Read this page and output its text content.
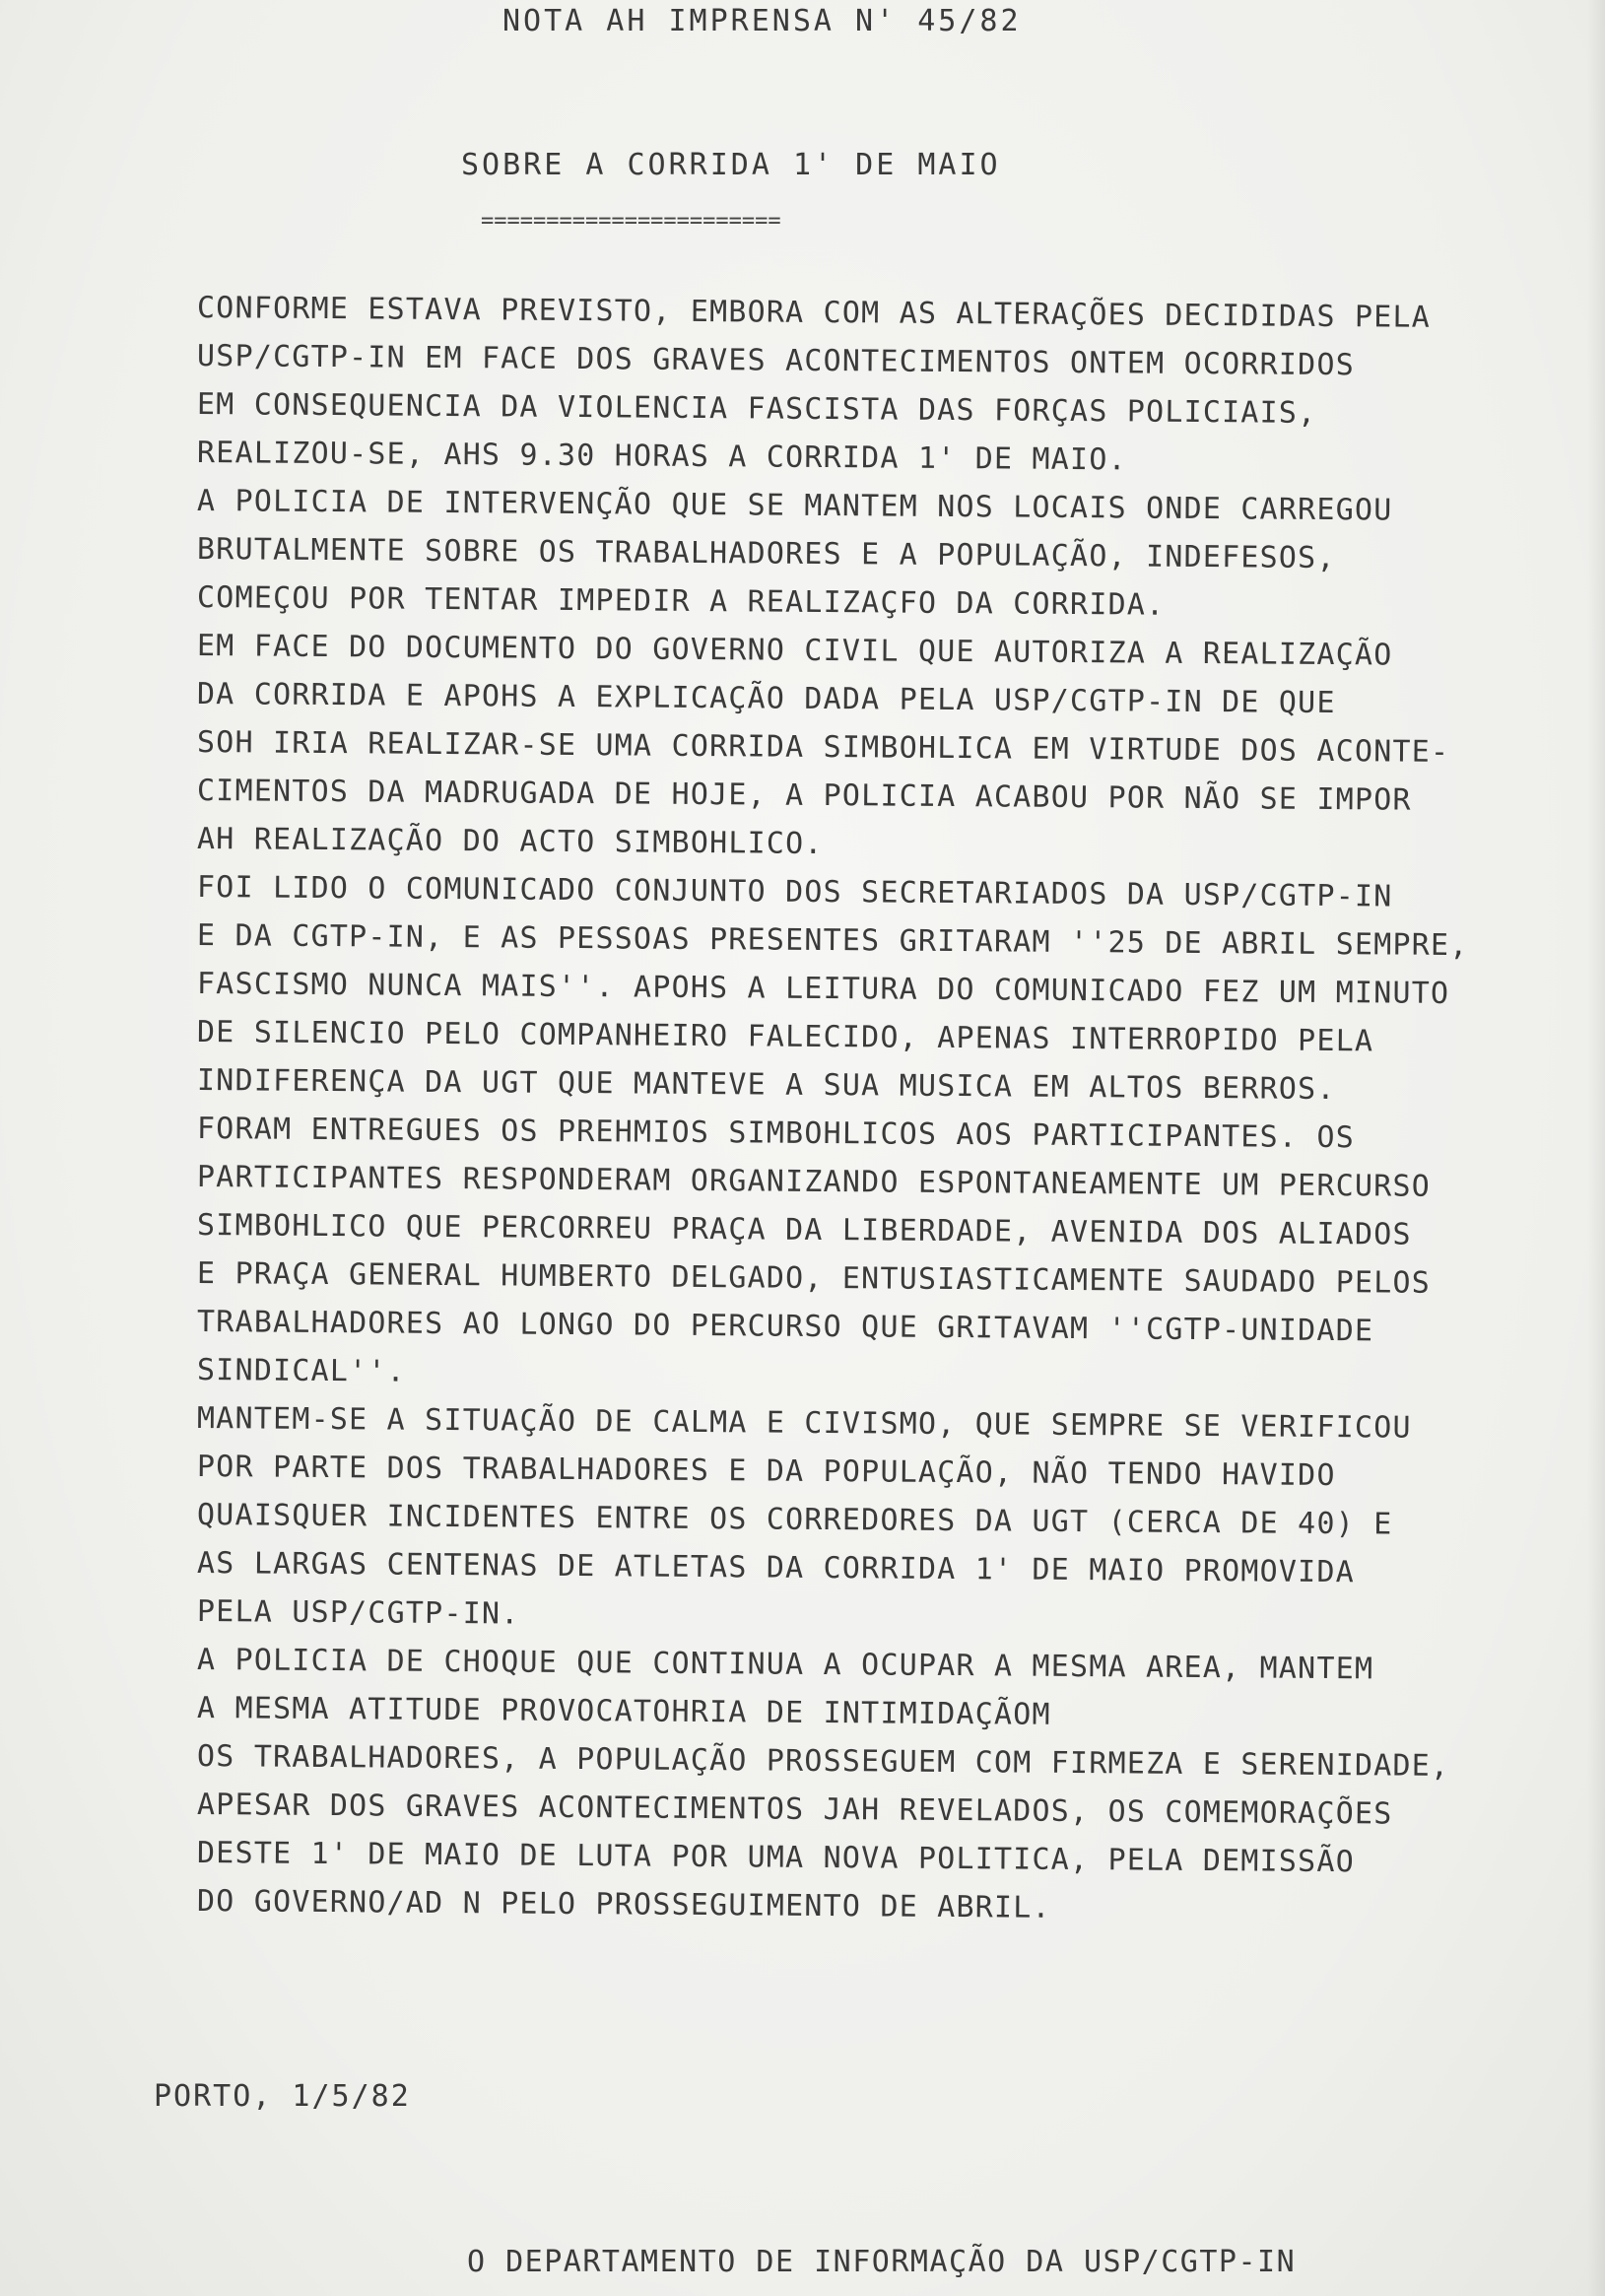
NOTA AH IMPRENSA N' 45/82
SOBRE A CORRIDA 1' DE MAIO
=======================
CONFORME ESTAVA PREVISTO, EMBORA COM AS ALTERAÇÕES DECIDIDAS PELA
USP/CGTP-IN EM FACE DOS GRAVES ACONTECIMENTOS ONTEM OCORRIDOS
EM CONSEQUENCIA DA VIOLENCIA FASCISTA DAS FORÇAS POLICIAIS,
REALIZOU-SE, AHS 9.30 HORAS A CORRIDA 1' DE MAIO.
A POLICIA DE INTERVENÇÃO QUE SE MANTEM NOS LOCAIS ONDE CARREGOU
BRUTALMENTE SOBRE OS TRABALHADORES E A POPULAÇÃO, INDEFESOS,
COMEÇOU POR TENTAR IMPEDIR A REALIZAÇFO DA CORRIDA.
EM FACE DO DOCUMENTO DO GOVERNO CIVIL QUE AUTORIZA A REALIZAÇÃO
DA CORRIDA E APOHS A EXPLICAÇÃO DADA PELA USP/CGTP-IN DE QUE
SOH IRIA REALIZAR-SE UMA CORRIDA SIMBOHLICA EM VIRTUDE DOS ACONTE-
CIMENTOS DA MADRUGADA DE HOJE, A POLICIA ACABOU POR NÃO SE IMPOR
AH REALIZAÇÃO DO ACTO SIMBOHLICO.
FOI LIDO O COMUNICADO CONJUNTO DOS SECRETARIADOS DA USP/CGTP-IN
E DA CGTP-IN, E AS PESSOAS PRESENTES GRITARAM ''25 DE ABRIL SEMPRE,
FASCISMO NUNCA MAIS''. APOHS A LEITURA DO COMUNICADO FEZ UM MINUTO
DE SILENCIO PELO COMPANHEIRO FALECIDO, APENAS INTERROPIDO PELA
INDIFERENÇA DA UGT QUE MANTEVE A SUA MUSICA EM ALTOS BERROS.
FORAM ENTREGUES OS PREHMIOS SIMBOHLICOS AOS PARTICIPANTES. OS
PARTICIPANTES RESPONDERAM ORGANIZANDO ESPONTANEAMENTE UM PERCURSO
SIMBOHLICO QUE PERCORREU PRAÇA DA LIBERDADE, AVENIDA DOS ALIADOS
E PRAÇA GENERAL HUMBERTO DELGADO, ENTUSIASTICAMENTE SAUDADO PELOS
TRABALHADORES AO LONGO DO PERCURSO QUE GRITAVAM ''CGTP-UNIDADE
SINDICAL''.
MANTEM-SE A SITUAÇÃO DE CALMA E CIVISMO, QUE SEMPRE SE VERIFICOU
POR PARTE DOS TRABALHADORES E DA POPULAÇÃO, NÃO TENDO HAVIDO
QUAISQUER INCIDENTES ENTRE OS CORREDORES DA UGT (CERCA DE 40) E
AS LARGAS CENTENAS DE ATLETAS DA CORRIDA 1' DE MAIO PROMOVIDA
PELA USP/CGTP-IN.
A POLICIA DE CHOQUE QUE CONTINUA A OCUPAR A MESMA AREA, MANTEM
A MESMA ATITUDE PROVOCATOHRIA DE INTIMIDAÇÃOM
OS TRABALHADORES, A POPULAÇÃO PROSSEGUEM COM FIRMEZA E SERENIDADE,
APESAR DOS GRAVES ACONTECIMENTOS JAH REVELADOS, OS COMEMORAÇÕES
DESTE 1' DE MAIO DE LUTA POR UMA NOVA POLITICA, PELA DEMISSÃO
DO GOVERNO/AD N PELO PROSSEGUIMENTO DE ABRIL.
PORTO, 1/5/82
O DEPARTAMENTO DE INFORMAÇÃO DA USP/CGTP-IN
